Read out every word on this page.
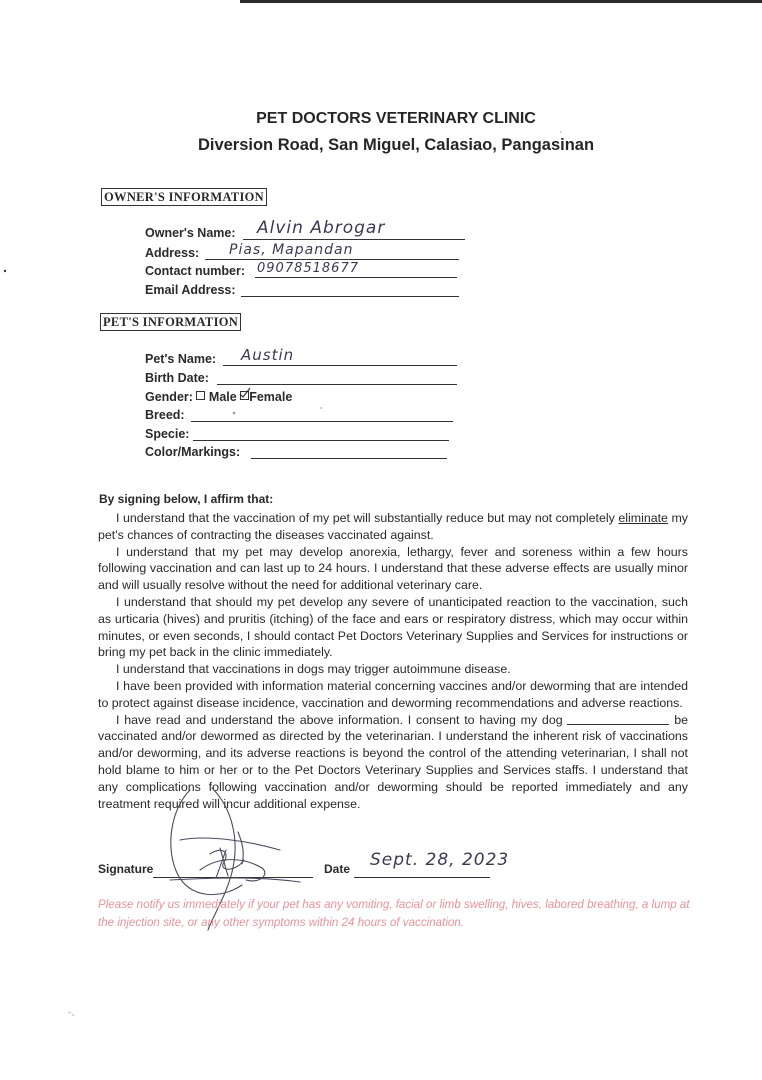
PET DOCTORS VETERINARY CLINIC
Diversion Road, San Miguel, Calasiao, Pangasinan
OWNER'S INFORMATION
Owner's Name: Alvin Abrogar
Address: Pias, Mapandan
Contact number: 09078518677
Email Address:
PET'S INFORMATION
Pet's Name: Austin
Birth Date:
Gender: Male Female
Breed:
Specie:
Color/Markings:
By signing below, I affirm that:

I understand that the vaccination of my pet will substantially reduce but may not completely eliminate my pet's chances of contracting the diseases vaccinated against.

I understand that my pet may develop anorexia, lethargy, fever and soreness within a few hours following vaccination and can last up to 24 hours. I understand that these adverse effects are usually minor and will usually resolve without the need for additional veterinary care.

I understand that should my pet develop any severe of unanticipated reaction to the vaccination, such as urticaria (hives) and pruritis (itching) of the face and ears or respiratory distress, which may occur within minutes, or even seconds, I should contact Pet Doctors Veterinary Supplies and Services for instructions or bring my pet back in the clinic immediately.

I understand that vaccinations in dogs may trigger autoimmune disease.

I have been provided with information material concerning vaccines and/or deworming that are intended to protect against disease incidence, vaccination and deworming recommendations and adverse reactions.

I have read and understand the above information. I consent to having my dog	be vaccinated and/or dewormed as directed by the veterinarian. I understand the inherent risk of vaccinations and/or deworming, and its adverse reactions is beyond the control of the attending veterinarian, I shall not hold blame to him or her or to the Pet Doctors Veterinary Supplies and Services staffs. I understand that any complications following vaccination and/or deworming should be reported immediately and any treatment required will incur additional expense.

Signature	Date Sept. 28, 2023
Please notify us immediately if your pet has any vomiting, facial or limb swelling, hives, labored breathing, a lump at the injection site, or any other symptoms within 24 hours of vaccination.
